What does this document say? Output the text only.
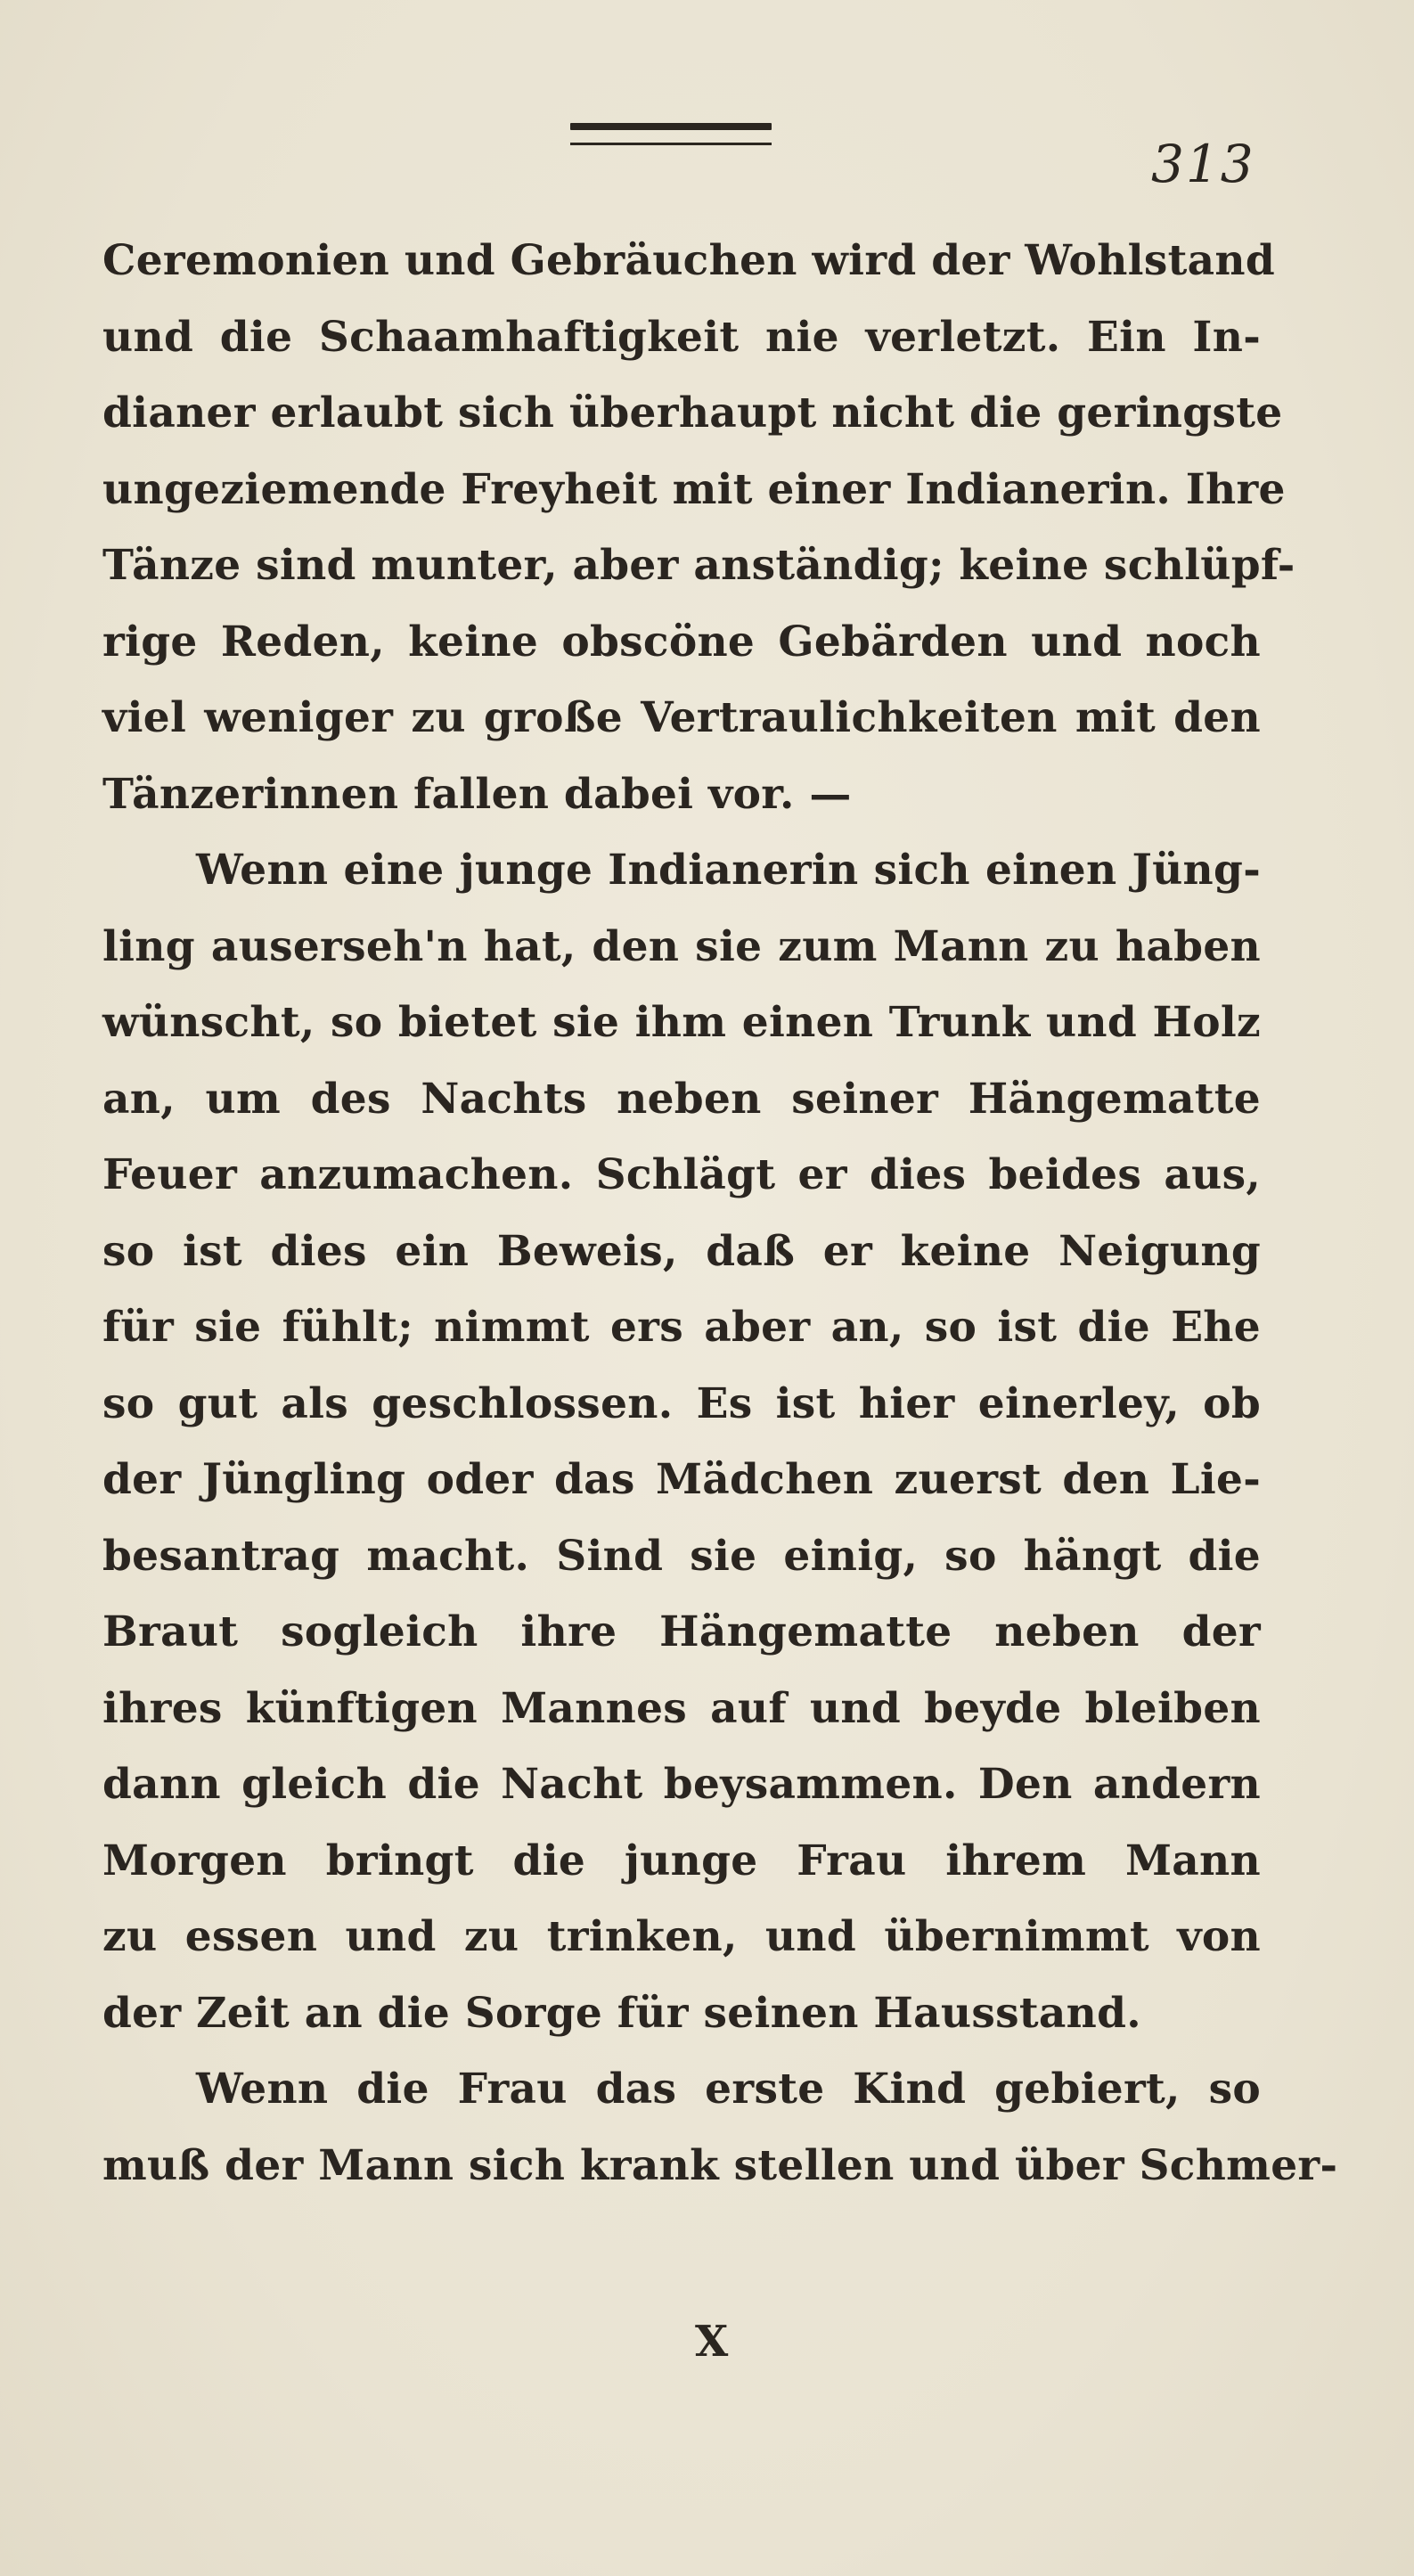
313
Ceremonien und Gebräuchen wird der Wohlstand
und die Schaamhaftigkeit nie verletzt. Ein In-
dianer erlaubt sich überhaupt nicht die geringste
ungeziemende Freyheit mit einer Indianerin. Ihre
Tänze sind munter, aber anständig; keine schlüpf-
rige Reden, keine obscöne Gebärden und noch
viel weniger zu große Vertraulichkeiten mit den
Tänzerinnen fallen dabei vor. —
Wenn eine junge Indianerin sich einen Jüng-
ling auserseh'n hat, den sie zum Mann zu haben
wünscht, so bietet sie ihm einen Trunk und Holz
an, um des Nachts neben seiner Hängematte
Feuer anzumachen. Schlägt er dies beides aus,
so ist dies ein Beweis, daß er keine Neigung
für sie fühlt; nimmt ers aber an, so ist die Ehe
so gut als geschlossen. Es ist hier einerley, ob
der Jüngling oder das Mädchen zuerst den Lie-
besantrag macht. Sind sie einig, so hängt die
Braut sogleich ihre Hängematte neben der
ihres künftigen Mannes auf und beyde bleiben
dann gleich die Nacht beysammen. Den andern
Morgen bringt die junge Frau ihrem Mann
zu essen und zu trinken, und übernimmt von
der Zeit an die Sorge für seinen Hausstand.
Wenn die Frau das erste Kind gebiert, so
muß der Mann sich krank stellen und über Schmer-
X
